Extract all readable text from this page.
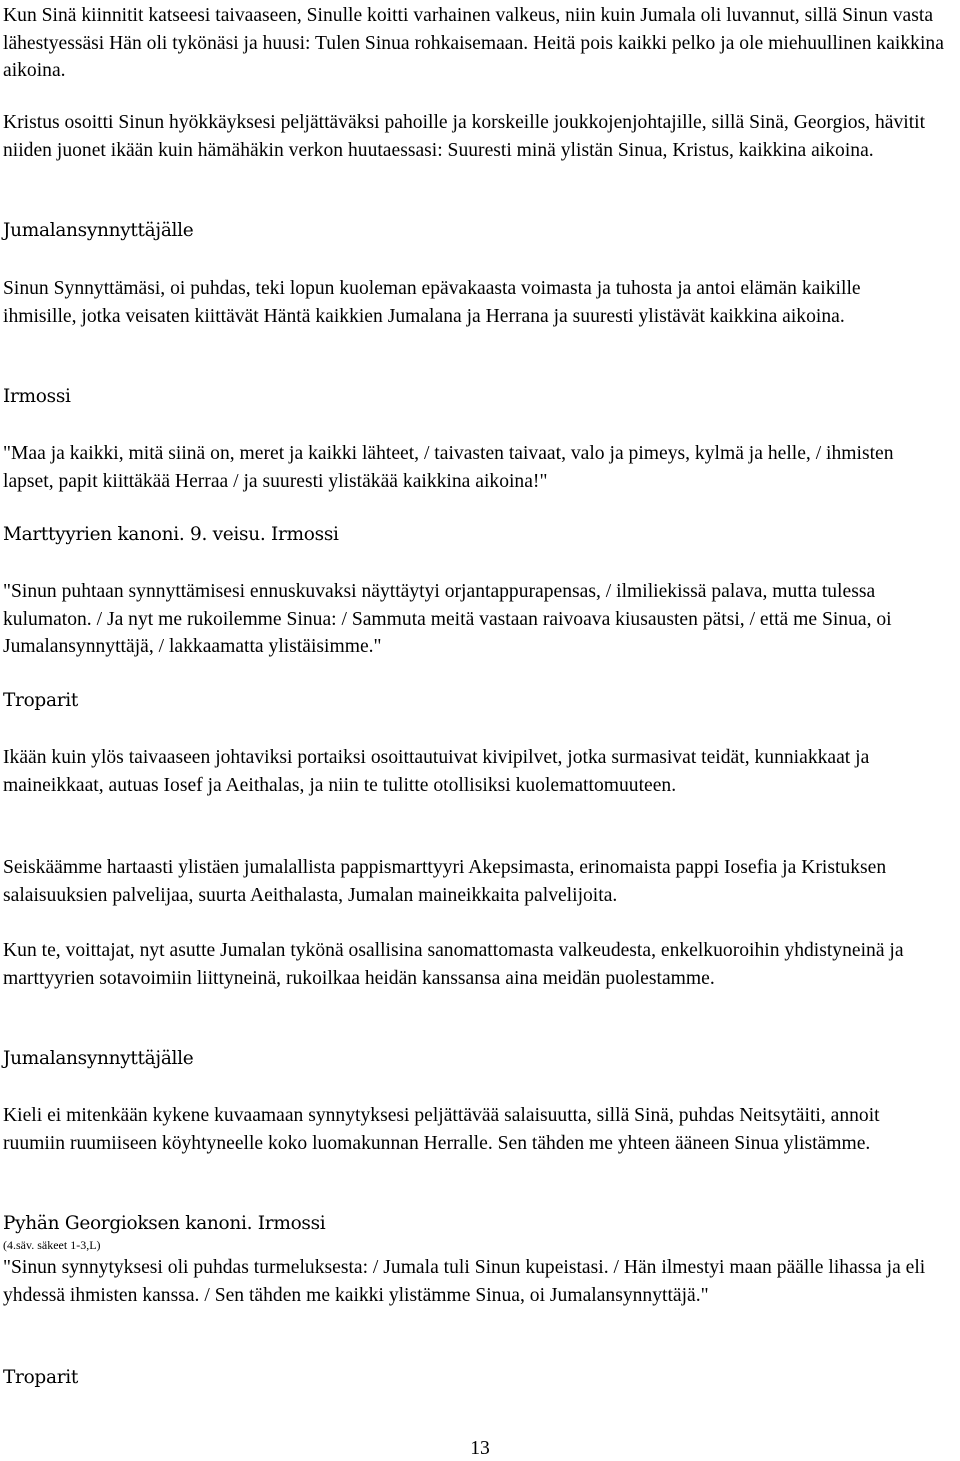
Kun Sinä kiinnitit katseesi taivaaseen, Sinulle koitti varhainen valkeus, niin kuin Jumala oli luvannut, sillä Sinun vasta lähestyessäsi Hän oli tykönäsi ja huusi: Tulen Sinua rohkaisemaan. Heitä pois kaikki pelko ja ole miehuullinen kaikkina aikoina.

Kristus osoitti Sinun hyökkäyksesi peljättäväksi pahoille ja korskeille joukkojenjohtajille, sillä Sinä, Georgios, hävitit niiden juonet ikään kuin hämähäkin verkon huutaessasi: Suuresti minä ylistän Sinua, Kristus, kaikkina aikoina.

Jumalansynnyttäjälle

Sinun Synnyttämäsi, oi puhdas, teki lopun kuoleman epävakaasta voimasta ja tuhosta ja antoi elämän kaikille ihmisille, jotka veisaten kiittävät Häntä kaikkien Jumalana ja Herrana ja suuresti ylistävät kaikkina aikoina.

Irmossi

"Maa ja kaikki, mitä siinä on, meret ja kaikki lähteet, / taivasten taivaat, valo ja pimeys, kylmä ja helle, / ihmisten lapset, papit kiittäkää Herraa / ja suuresti ylistäkää kaikkina aikoina!"

Marttyyrien kanoni. 9. veisu. Irmossi

"Sinun puhtaan synnyttämisesi ennuskuvaksi näyttäytyi orjantappurapensas, / ilmiliekissä palava, mutta tulessa kulumaton. / Ja nyt me rukoilemme Sinua: / Sammuta meitä vastaan raivoava kiusausten pätsi, / että me Sinua, oi Jumalansynnyttäjä, / lakkaamatta ylistäisimme."

Troparit

Ikään kuin ylös taivaaseen johtaviksi portaiksi osoittautuivat kivipilvet, jotka surmasivat teidät, kunniakkaat ja maineikkaat, autuas Iosef ja Aeithalas, ja niin te tulitte otollisiksi kuolemattomuuteen.

Seiskäämme hartaasti ylistäen jumalallista pappismarttyyri Akepsimasta, erinomaista pappi Iosefia ja Kristuksen salaisuuksien palvelijaa, suurta Aeithalasta, Jumalan maineikkaita palvelijoita.

Kun te, voittajat, nyt asutte Jumalan tykönä osallisina sanomattomasta valkeudesta, enkelkuoroihin yhdistyneinä ja marttyyrien sotavoimiin liittyneinä, rukoilkaa heidän kanssansa aina meidän puolestamme.

Jumalansynnyttäjälle

Kieli ei mitenkään kykene kuvaamaan synnytyksesi peljättävää salaisuutta, sillä Sinä, puhdas Neitsytäiti, annoit ruumiin ruumiiseen köyhtyneelle koko luomakunnan Herralle. Sen tähden me yhteen ääneen Sinua ylistämme.

Pyhän Georgioksen kanoni. Irmossi

(4.säv. säkeet 1-3,L)

"Sinun synnytyksesi oli puhdas turmeluksesta: / Jumala tuli Sinun kupeistasi. / Hän ilmestyi maan päälle lihassa ja eli yhdessä ihmisten kanssa. / Sen tähden me kaikki ylistämme Sinua, oi Jumalansynnyttäjä."

Troparit

13
